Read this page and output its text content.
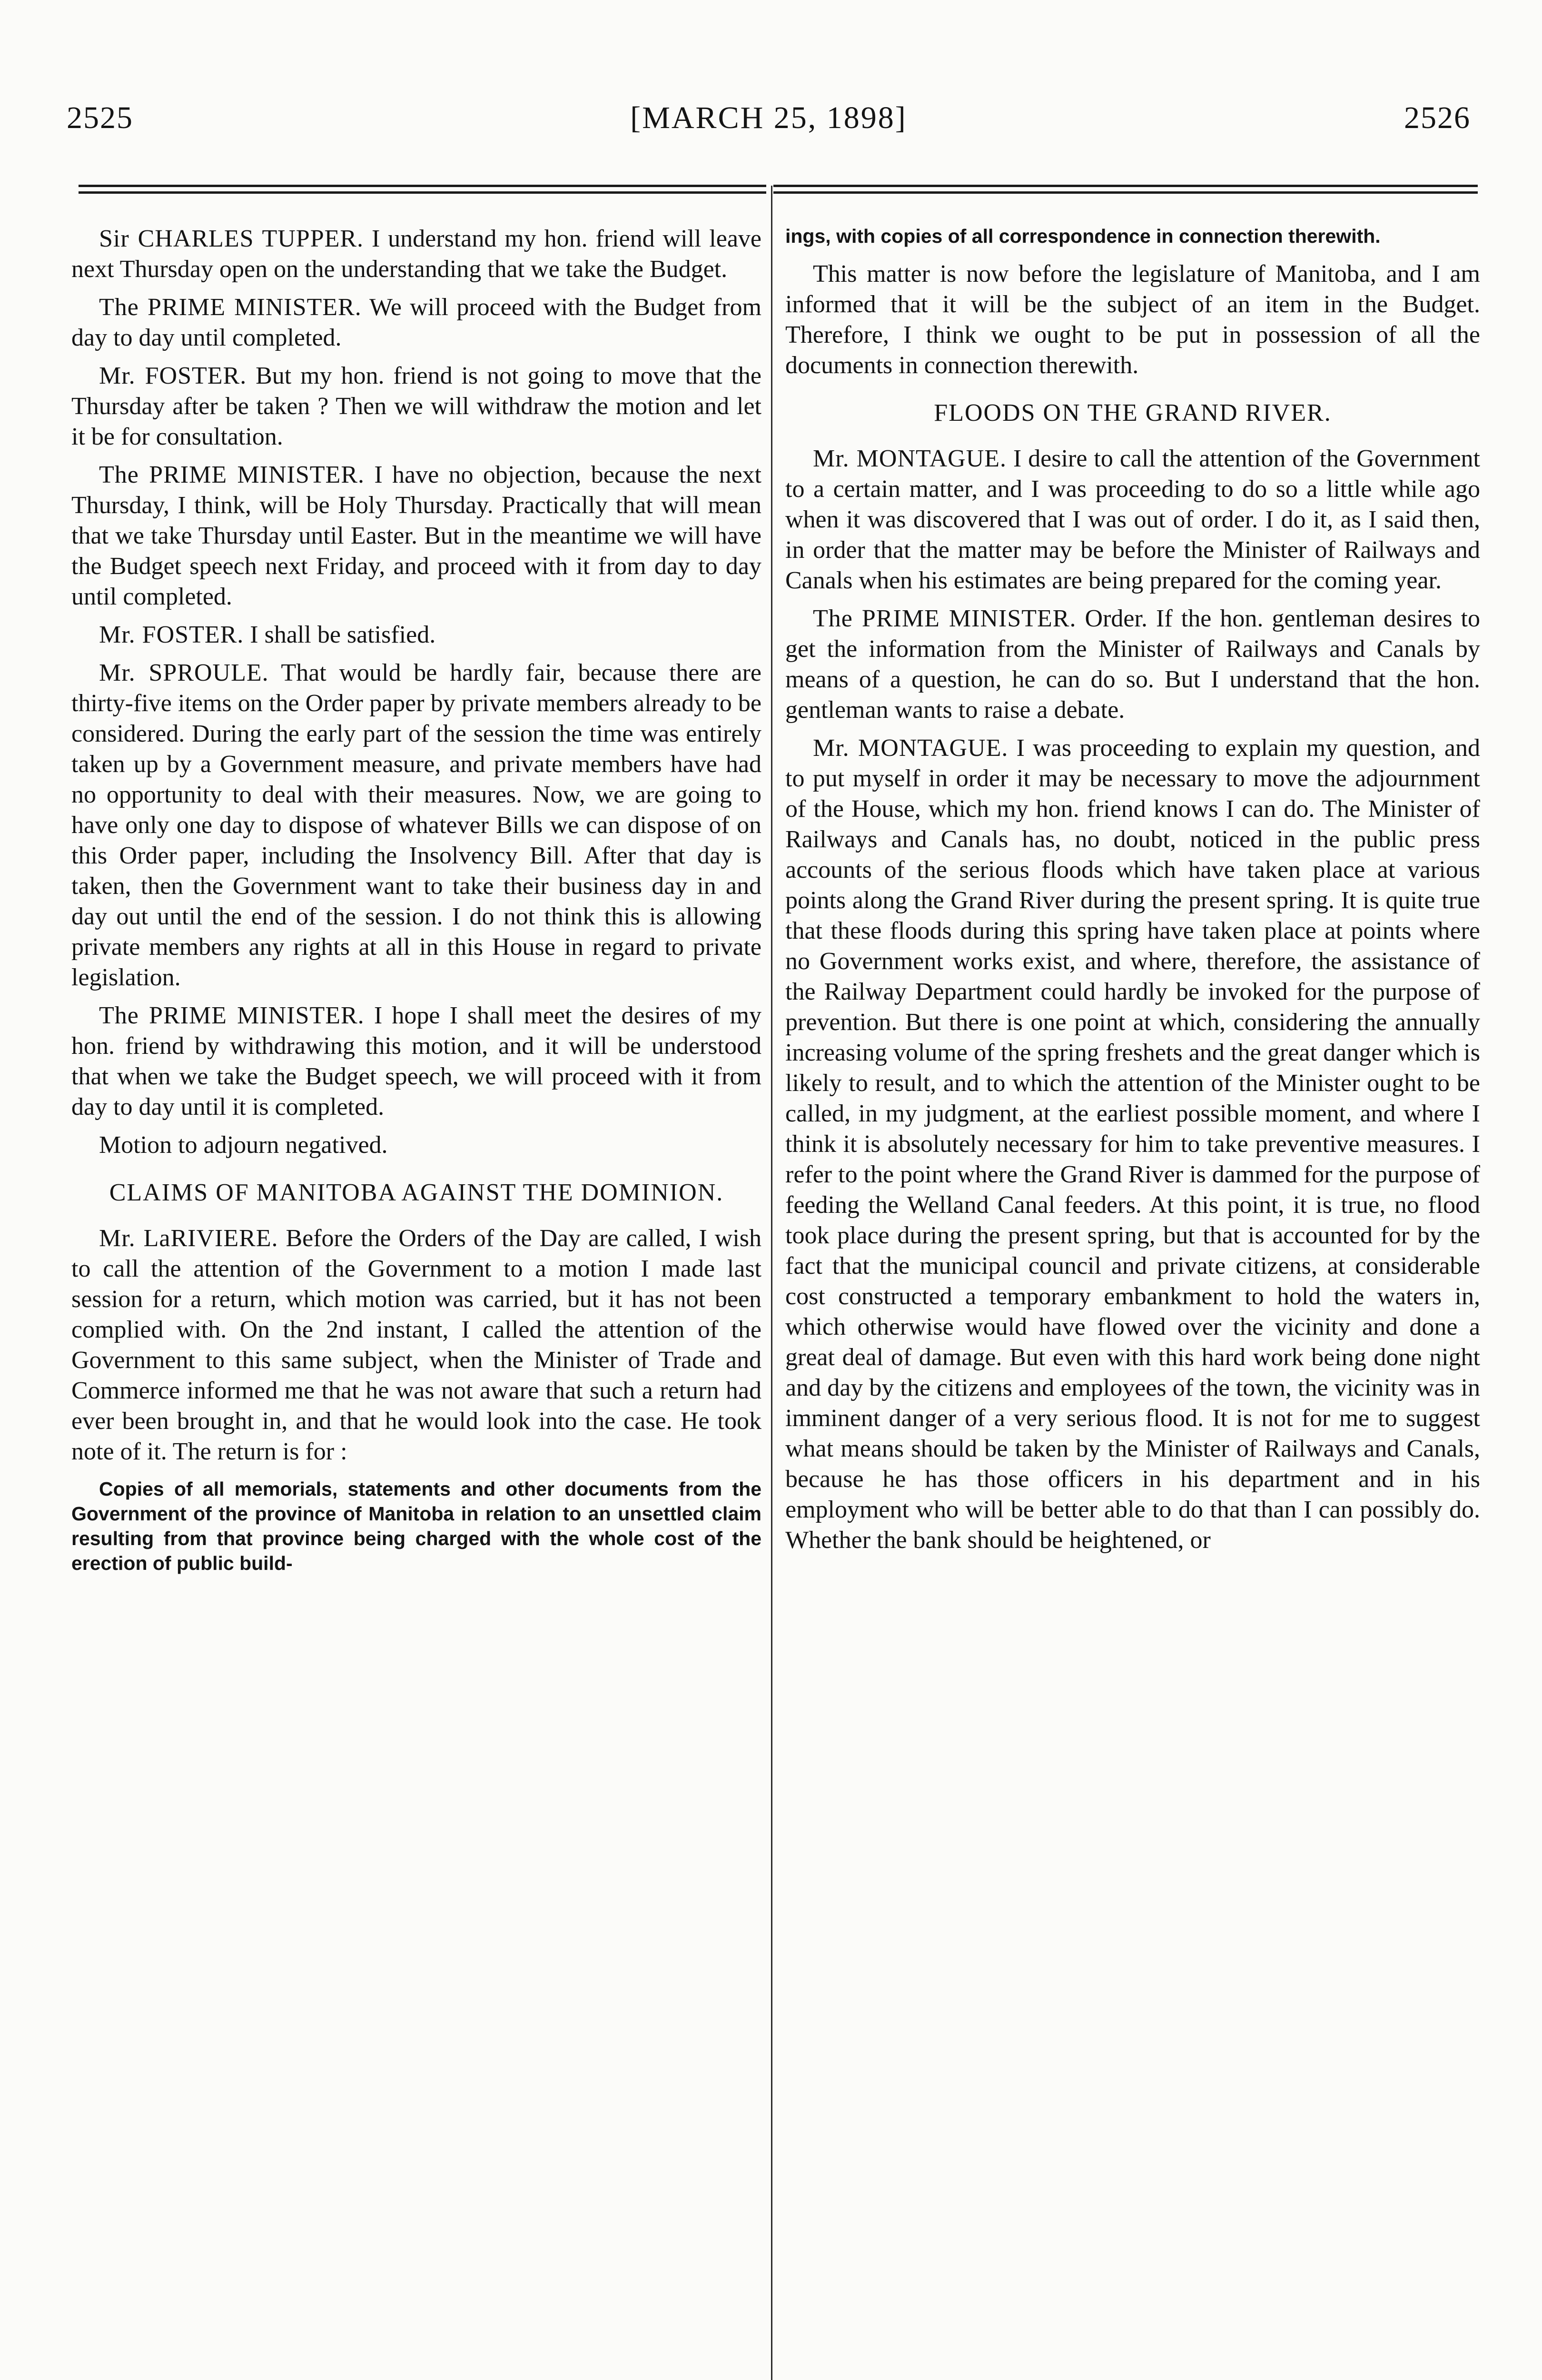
2525	[MARCH 25, 1898]	2526

Sir CHARLES TUPPER. I understand my hon. friend will leave next Thursday open on the understanding that we take the Budget.

The PRIME MINISTER. We will proceed with the Budget from day to day until completed.

Mr. FOSTER. But my hon. friend is not going to move that the Thursday after be taken ? Then we will withdraw the motion and let it be for consultation.

The PRIME MINISTER. I have no objection, because the next Thursday, I think, will be Holy Thursday. Practically that will mean that we take Thursday until Easter. But in the meantime we will have the Budget speech next Friday, and proceed with it from day to day until completed.

Mr. FOSTER. I shall be satisfied.

Mr. SPROULE. That would be hardly fair, because there are thirty-five items on the Order paper by private members already to be considered. During the early part of the session the time was entirely taken up by a Government measure, and private members have had no opportunity to deal with their measures. Now, we are going to have only one day to dispose of whatever Bills we can dispose of on this Order paper, including the Insolvency Bill. After that day is taken, then the Government want to take their business day in and day out until the end of the session. I do not think this is allowing private members any rights at all in this House in regard to private legislation.

The PRIME MINISTER. I hope I shall meet the desires of my hon. friend by withdrawing this motion, and it will be understood that when we take the Budget speech, we will proceed with it from day to day until it is completed.

Motion to adjourn negatived.

CLAIMS OF MANITOBA AGAINST THE DOMINION.

Mr. LaRIVIERE. Before the Orders of the Day are called, I wish to call the attention of the Government to a motion I made last session for a return, which motion was carried, but it has not been complied with. On the 2nd instant, I called the attention of the Government to this same subject, when the Minister of Trade and Commerce informed me that he was not aware that such a return had ever been brought in, and that he would look into the case. He took note of it. The return is for :

Copies of all memorials, statements and other documents from the Government of the province of Manitoba in relation to an unsettled claim resulting from that province being charged with the whole cost of the erection of public build-
ings, with copies of all correspondence in connection therewith.

This matter is now before the legislature of Manitoba, and I am informed that it will be the subject of an item in the Budget. Therefore, I think we ought to be put in possession of all the documents in connection therewith.

FLOODS ON THE GRAND RIVER.

Mr. MONTAGUE. I desire to call the attention of the Government to a certain matter, and I was proceeding to do so a little while ago when it was discovered that I was out of order. I do it, as I said then, in order that the matter may be before the Minister of Railways and Canals when his estimates are being prepared for the coming year.

The PRIME MINISTER. Order. If the hon. gentleman desires to get the information from the Minister of Railways and Canals by means of a question, he can do so. But I understand that the hon. gentleman wants to raise a debate.

Mr. MONTAGUE. I was proceeding to explain my question, and to put myself in order it may be necessary to move the adjournment of the House, which my hon. friend knows I can do. The Minister of Railways and Canals has, no doubt, noticed in the public press accounts of the serious floods which have taken place at various points along the Grand River during the present spring. It is quite true that these floods during this spring have taken place at points where no Government works exist, and where, therefore, the assistance of the Railway Department could hardly be invoked for the purpose of prevention. But there is one point at which, considering the annually increasing volume of the spring freshets and the great danger which is likely to result, and to which the attention of the Minister ought to be called, in my judgment, at the earliest possible moment, and where I think it is absolutely necessary for him to take preventive measures. I refer to the point where the Grand River is dammed for the purpose of feeding the Welland Canal feeders. At this point, it is true, no flood took place during the present spring, but that is accounted for by the fact that the municipal council and private citizens, at considerable cost constructed a temporary embankment to hold the waters in, which otherwise would have flowed over the vicinity and done a great deal of damage. But even with this hard work being done night and day by the citizens and employees of the town, the vicinity was in imminent danger of a very serious flood. It is not for me to suggest what means should be taken by the Minister of Railways and Canals, because he has those officers in his department and in his employment who will be better able to do that than I can possibly do. Whether the bank should be heightened, or
